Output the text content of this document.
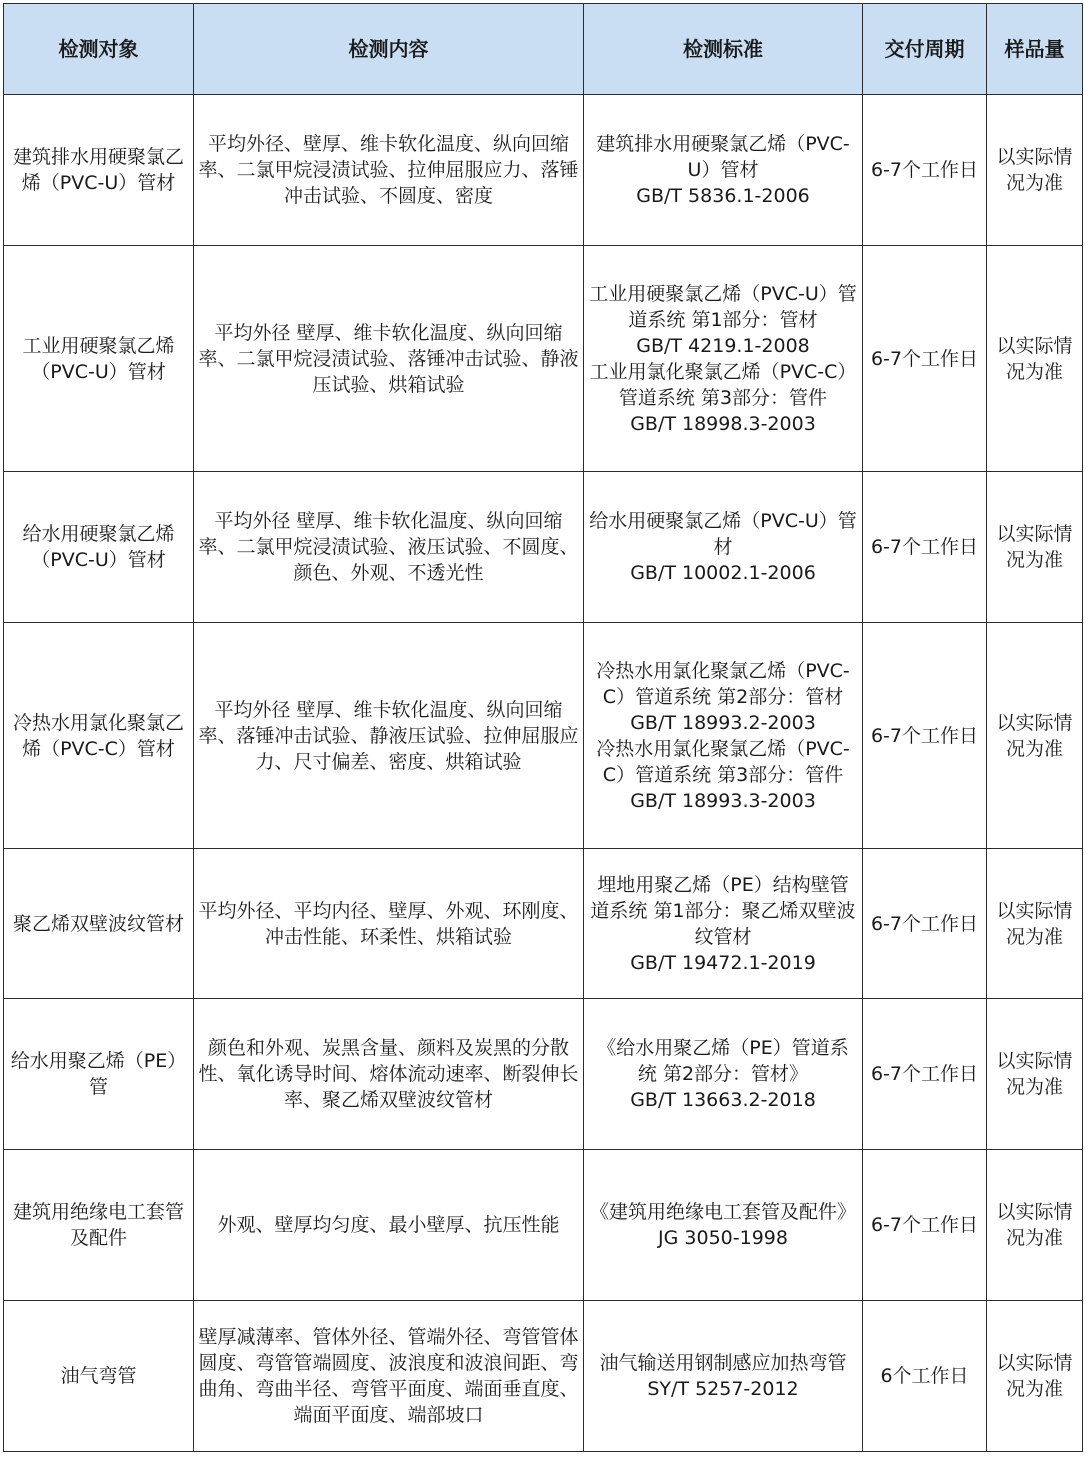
检测对象	检测内容	检测标准	交付周期	样品量
建筑排水用硬聚氯乙烯（PVC-U）管材	平均外径、壁厚、维卡软化温度、纵向回缩率、二氯甲烷浸渍试验、拉伸屈服应力、落锤冲击试验、不圆度、密度	建筑排水用硬聚氯乙烯（PVC-U）管材
GB/T 5836.1-2006	6-7个工作日	以实际情况为准
工业用硬聚氯乙烯（PVC-U）管材	平均外径 壁厚、维卡软化温度、纵向回缩率、二氯甲烷浸渍试验、落锤冲击试验、静液压试验、烘箱试验	工业用硬聚氯乙烯（PVC-U）管道系统 第1部分：管材
GB/T 4219.1-2008
工业用氯化聚氯乙烯（PVC-C）管道系统 第3部分：管件
GB/T 18998.3-2003	6-7个工作日	以实际情况为准
给水用硬聚氯乙烯（PVC-U）管材	平均外径 壁厚、维卡软化温度、纵向回缩率、二氯甲烷浸渍试验、液压试验、不圆度、颜色、外观、不透光性	给水用硬聚氯乙烯（PVC-U）管材
GB/T 10002.1-2006	6-7个工作日	以实际情况为准
冷热水用氯化聚氯乙烯（PVC-C）管材	平均外径 壁厚、维卡软化温度、纵向回缩率、落锤冲击试验、静液压试验、拉伸屈服应力、尺寸偏差、密度、烘箱试验	冷热水用氯化聚氯乙烯（PVC-C）管道系统 第2部分：管材
GB/T 18993.2-2003
冷热水用氯化聚氯乙烯（PVC-C）管道系统 第3部分：管件
GB/T 18993.3-2003	6-7个工作日	以实际情况为准
聚乙烯双壁波纹管材	平均外径、平均内径、壁厚、外观、环刚度、冲击性能、环柔性、烘箱试验	埋地用聚乙烯（PE）结构壁管道系统 第1部分：聚乙烯双壁波纹管材
GB/T 19472.1-2019	6-7个工作日	以实际情况为准
给水用聚乙烯（PE）管	颜色和外观、炭黑含量、颜料及炭黑的分散性、氧化诱导时间、熔体流动速率、断裂伸长率、聚乙烯双壁波纹管材	《给水用聚乙烯（PE）管道系统 第2部分：管材》
GB/T 13663.2-2018	6-7个工作日	以实际情况为准
建筑用绝缘电工套管及配件	外观、壁厚均匀度、最小壁厚、抗压性能	《建筑用绝缘电工套管及配件》
JG 3050-1998	6-7个工作日	以实际情况为准
油气弯管	壁厚减薄率、管体外径、管端外径、弯管管体圆度、弯管管端圆度、波浪度和波浪间距、弯曲角、弯曲半径、弯管平面度、端面垂直度、端面平面度、端部坡口	油气输送用钢制感应加热弯管
SY/T 5257-2012	6个工作日	以实际情况为准
